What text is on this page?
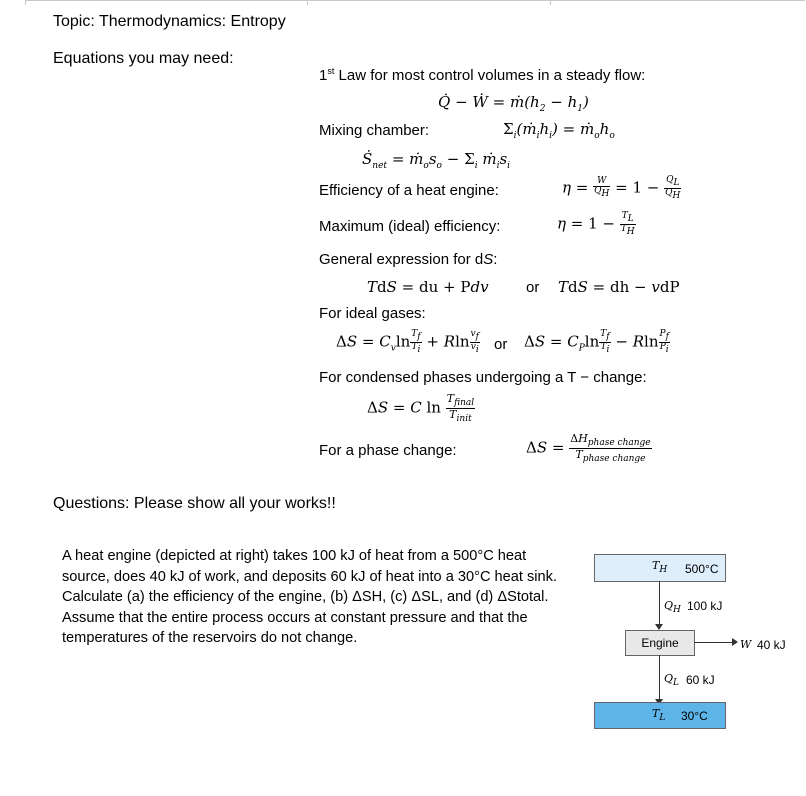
Topic: Thermodynamics: Entropy
Equations you may need:
1st Law for most control volumes in a steady flow:
Q̇ − Ẇ = $ṁ(h_2 - h_1)$
Mixing chamber:	$\Sigma_i(ṁ_ih_i)$ = $ṁ_oh_o$
Ṡ$_{net}$ = $ṁ_os_o - \Sigma_i$ $ṁ_is_i$
Efficiency of a heat engine:	$\eta = \frac{W}{Q_H} = 1 - \frac{Q_L}{Q_H}$
Maximum (ideal) efficiency:	$\eta = 1 - \frac{T_L}{T_H}$
General expression for dS:
TdS = du + Pdv or TdS = dh − vdP
For ideal gases:
$\Delta S = C_v\ln \frac{T_f}{T_i} + Rln \frac{v_f}{v_i}$ or $\Delta S = C_P\ln \frac{T_f}{T_i} - Rln \frac{P_f}{P_i}$
For condensed phases undergoing a T − change:
ΔS = C $\ln \frac{T_{final}}{T_{init}}$
For a phase change:	$\Delta S = \frac{\Delta H_{phase change}}{T_{phase change}}$
Questions: Please show all your works!!
A heat engine (depicted at right) takes 100 kJ of heat from a 500°C heat source, does 40 kJ of work, and deposits 60 kJ of heat into a 30°C heat sink. Calculate (a) the efficiency of the engine, (b) ΔSH, (c) ΔSL, and (d) ΔStotal. Assume that the entire process occurs at constant pressure and that the temperatures of the reservoirs do not change.
$T_H$ 500°C
$Q_H$ 100 kJ
Engine	W 40 kJ
$Q_L$ 60 kJ
$T_L$ 30°C
